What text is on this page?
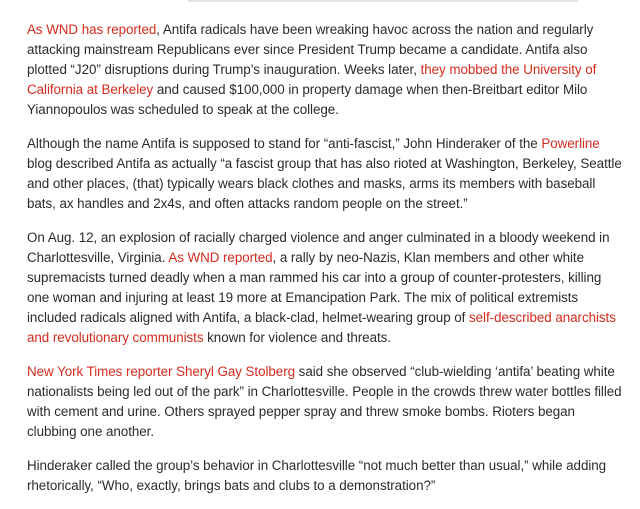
As WND has reported, Antifa radicals have been wreaking havoc across the nation and regularly attacking mainstream Republicans ever since President Trump became a candidate. Antifa also plotted “J20” disruptions during Trump’s inauguration. Weeks later, they mobbed the University of California at Berkeley and caused $100,000 in property damage when then-Breitbart editor Milo Yiannopoulos was scheduled to speak at the college.

Although the name Antifa is supposed to stand for “anti-fascist,” John Hinderaker of the Powerline blog described Antifa as actually “a fascist group that has also rioted at Washington, Berkeley, Seattle and other places, (that) typically wears black clothes and masks, arms its members with baseball bats, ax handles and 2x4s, and often attacks random people on the street.”

On Aug. 12, an explosion of racially charged violence and anger culminated in a bloody weekend in Charlottesville, Virginia. As WND reported, a rally by neo-Nazis, Klan members and other white supremacists turned deadly when a man rammed his car into a group of counter-protesters, killing one woman and injuring at least 19 more at Emancipation Park. The mix of political extremists included radicals aligned with Antifa, a black-clad, helmet-wearing group of self-described anarchists and revolutionary communists known for violence and threats.

New York Times reporter Sheryl Gay Stolberg said she observed “club-wielding ‘antifa’ beating white nationalists being led out of the park” in Charlottesville. People in the crowds threw water bottles filled with cement and urine. Others sprayed pepper spray and threw smoke bombs. Rioters began clubbing one another.

Hinderaker called the group’s behavior in Charlottesville “not much better than usual,” while adding rhetorically, “Who, exactly, brings bats and clubs to a demonstration?”
